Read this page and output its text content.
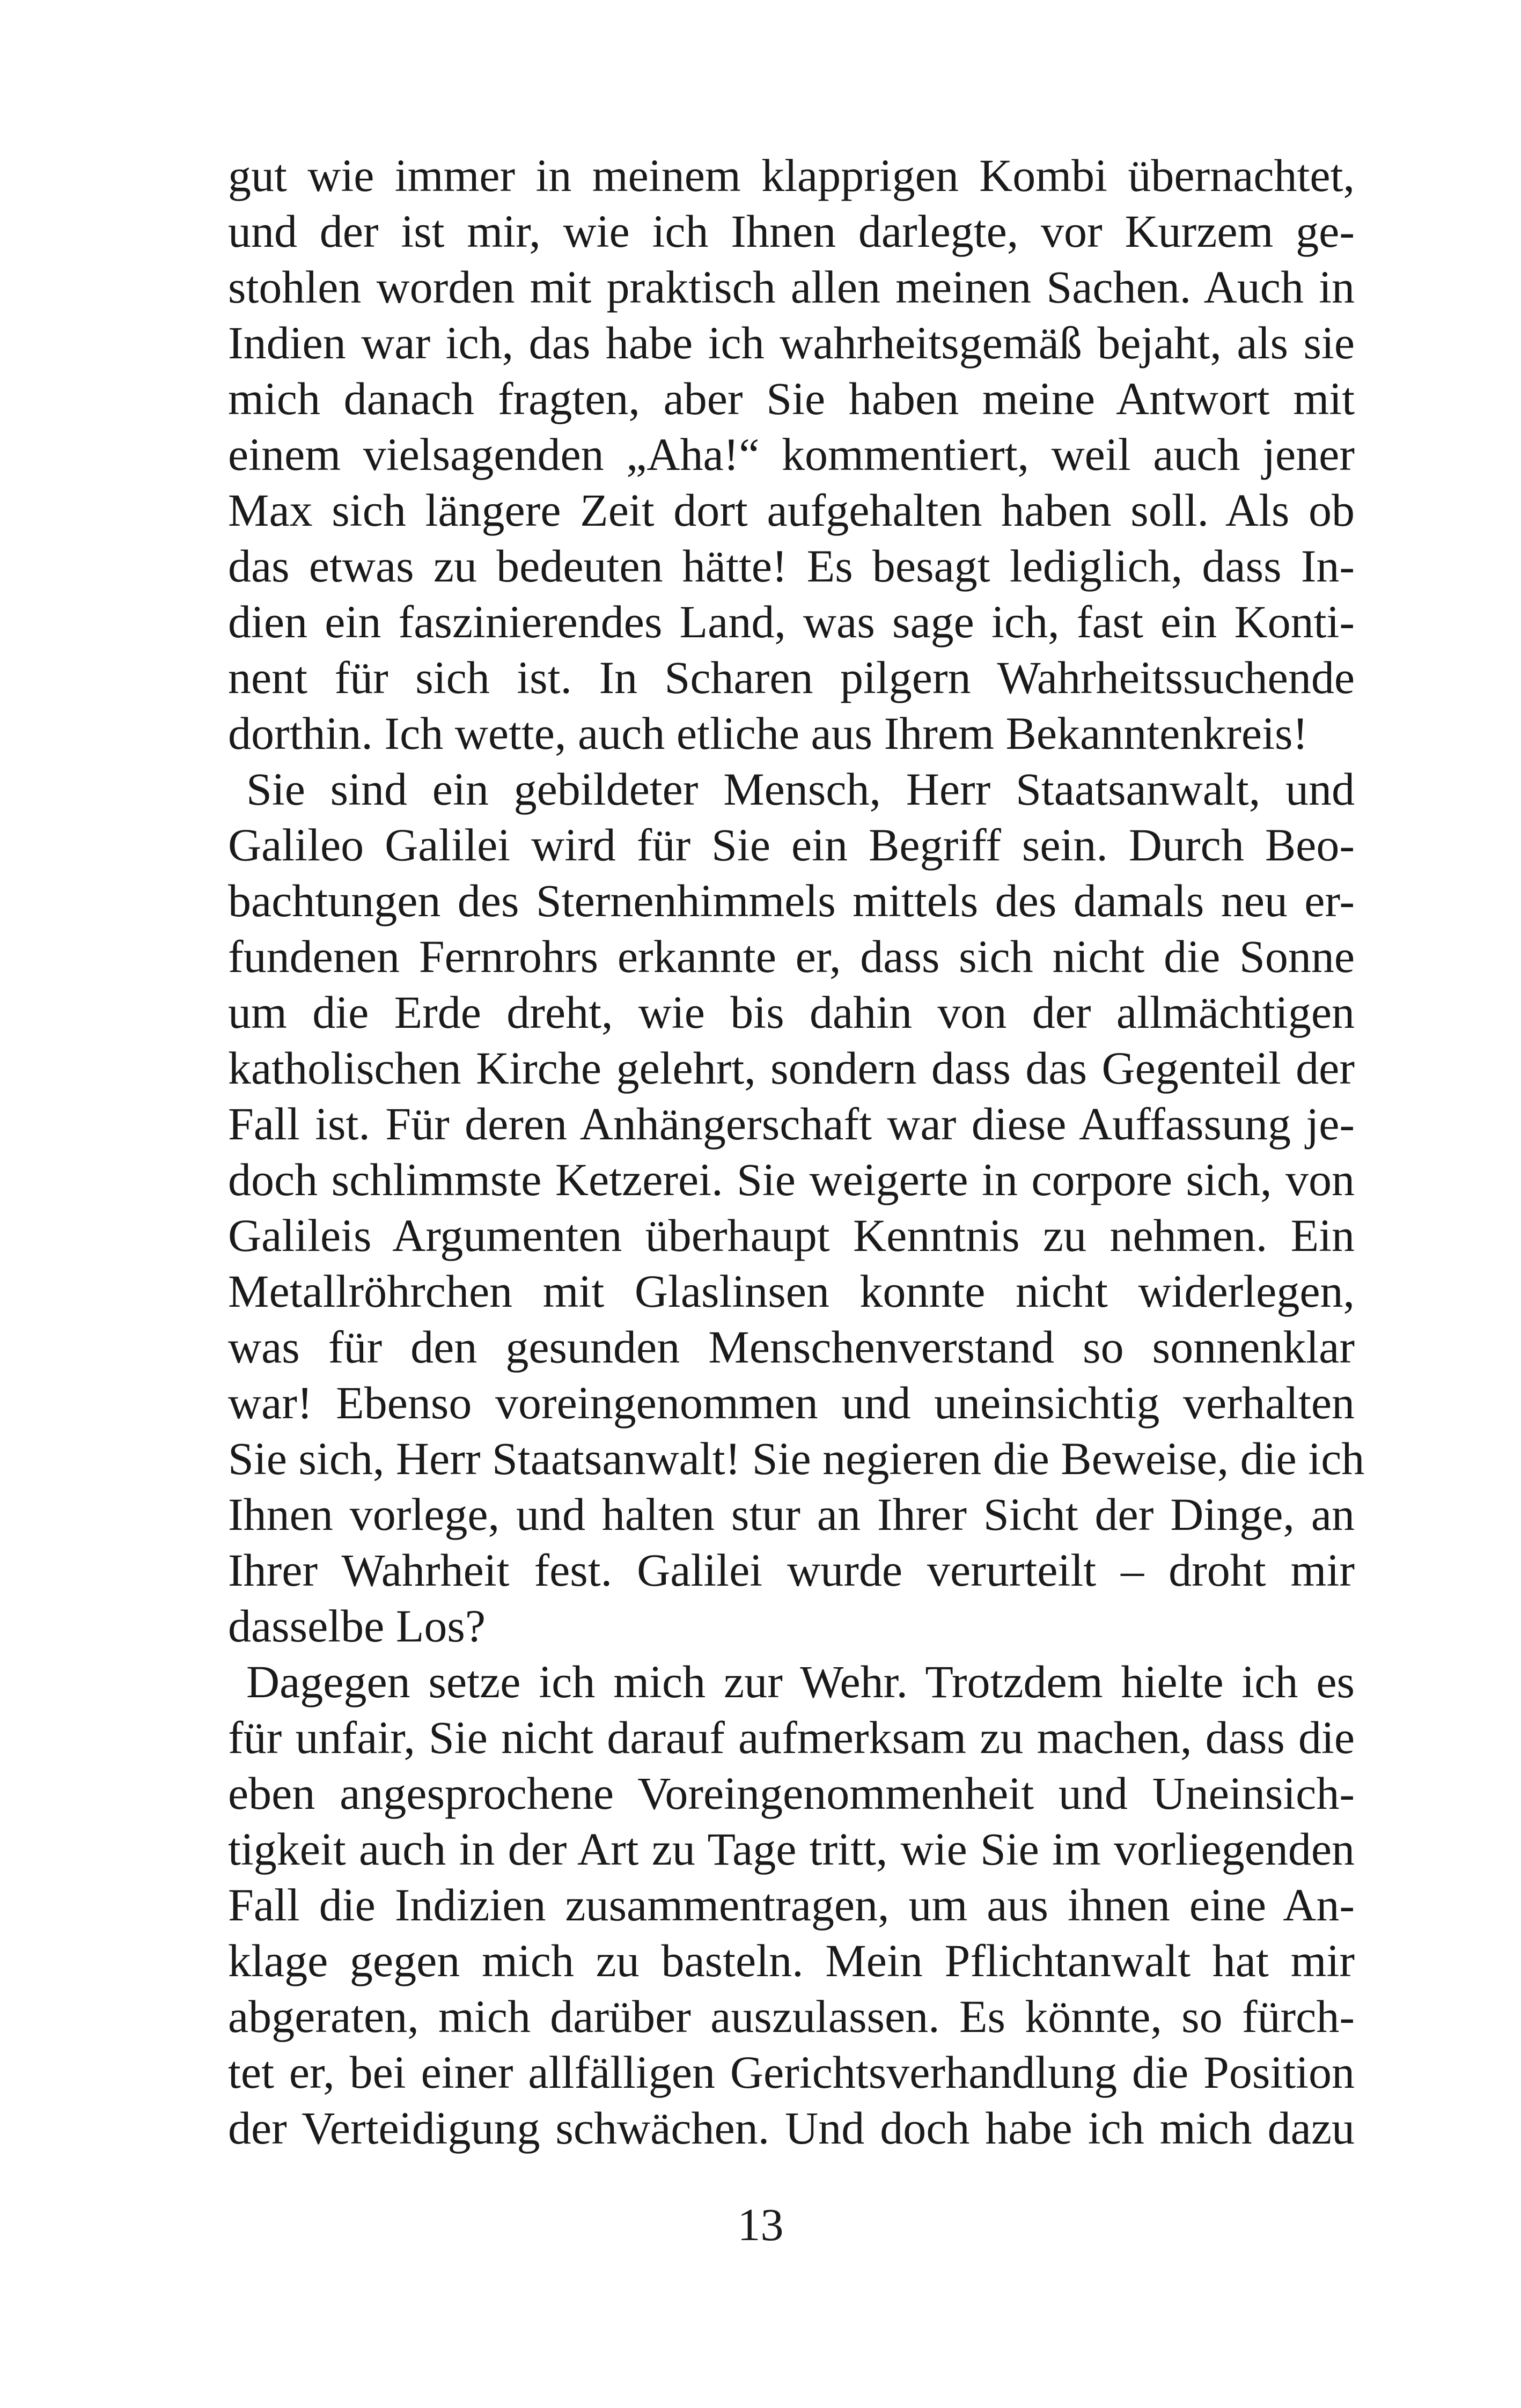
gut wie immer in meinem klapprigen Kombi übernachtet,
und der ist mir, wie ich Ihnen darlegte, vor Kurzem ge-
stohlen worden mit praktisch allen meinen Sachen. Auch in
Indien war ich, das habe ich wahrheitsgemäß bejaht, als sie
mich danach fragten, aber Sie haben meine Antwort mit
einem vielsagenden „Aha!“ kommentiert, weil auch jener
Max sich längere Zeit dort aufgehalten haben soll. Als ob
das etwas zu bedeuten hätte! Es besagt lediglich, dass In-
dien ein faszinierendes Land, was sage ich, fast ein Konti-
nent für sich ist. In Scharen pilgern Wahrheitssuchende
dorthin. Ich wette, auch etliche aus Ihrem Bekanntenkreis!
Sie sind ein gebildeter Mensch, Herr Staatsanwalt, und
Galileo Galilei wird für Sie ein Begriff sein. Durch Beo-
bachtungen des Sternenhimmels mittels des damals neu er-
fundenen Fernrohrs erkannte er, dass sich nicht die Sonne
um die Erde dreht, wie bis dahin von der allmächtigen
katholischen Kirche gelehrt, sondern dass das Gegenteil der
Fall ist. Für deren Anhängerschaft war diese Auffassung je-
doch schlimmste Ketzerei. Sie weigerte in corpore sich, von
Galileis Argumenten überhaupt Kenntnis zu nehmen. Ein
Metallröhrchen mit Glaslinsen konnte nicht widerlegen,
was für den gesunden Menschenverstand so sonnenklar
war! Ebenso voreingenommen und uneinsichtig verhalten
Sie sich, Herr Staatsanwalt! Sie negieren die Beweise, die ich
Ihnen vorlege, und halten stur an Ihrer Sicht der Dinge, an
Ihrer Wahrheit fest. Galilei wurde verurteilt – droht mir
dasselbe Los?
Dagegen setze ich mich zur Wehr. Trotzdem hielte ich es
für unfair, Sie nicht darauf aufmerksam zu machen, dass die
eben angesprochene Voreingenommenheit und Uneinsich-
tigkeit auch in der Art zu Tage tritt, wie Sie im vorliegenden
Fall die Indizien zusammentragen, um aus ihnen eine An-
klage gegen mich zu basteln. Mein Pflichtanwalt hat mir
abgeraten, mich darüber auszulassen. Es könnte, so fürch-
tet er, bei einer allfälligen Gerichtsverhandlung die Position
der Verteidigung schwächen. Und doch habe ich mich dazu
13
